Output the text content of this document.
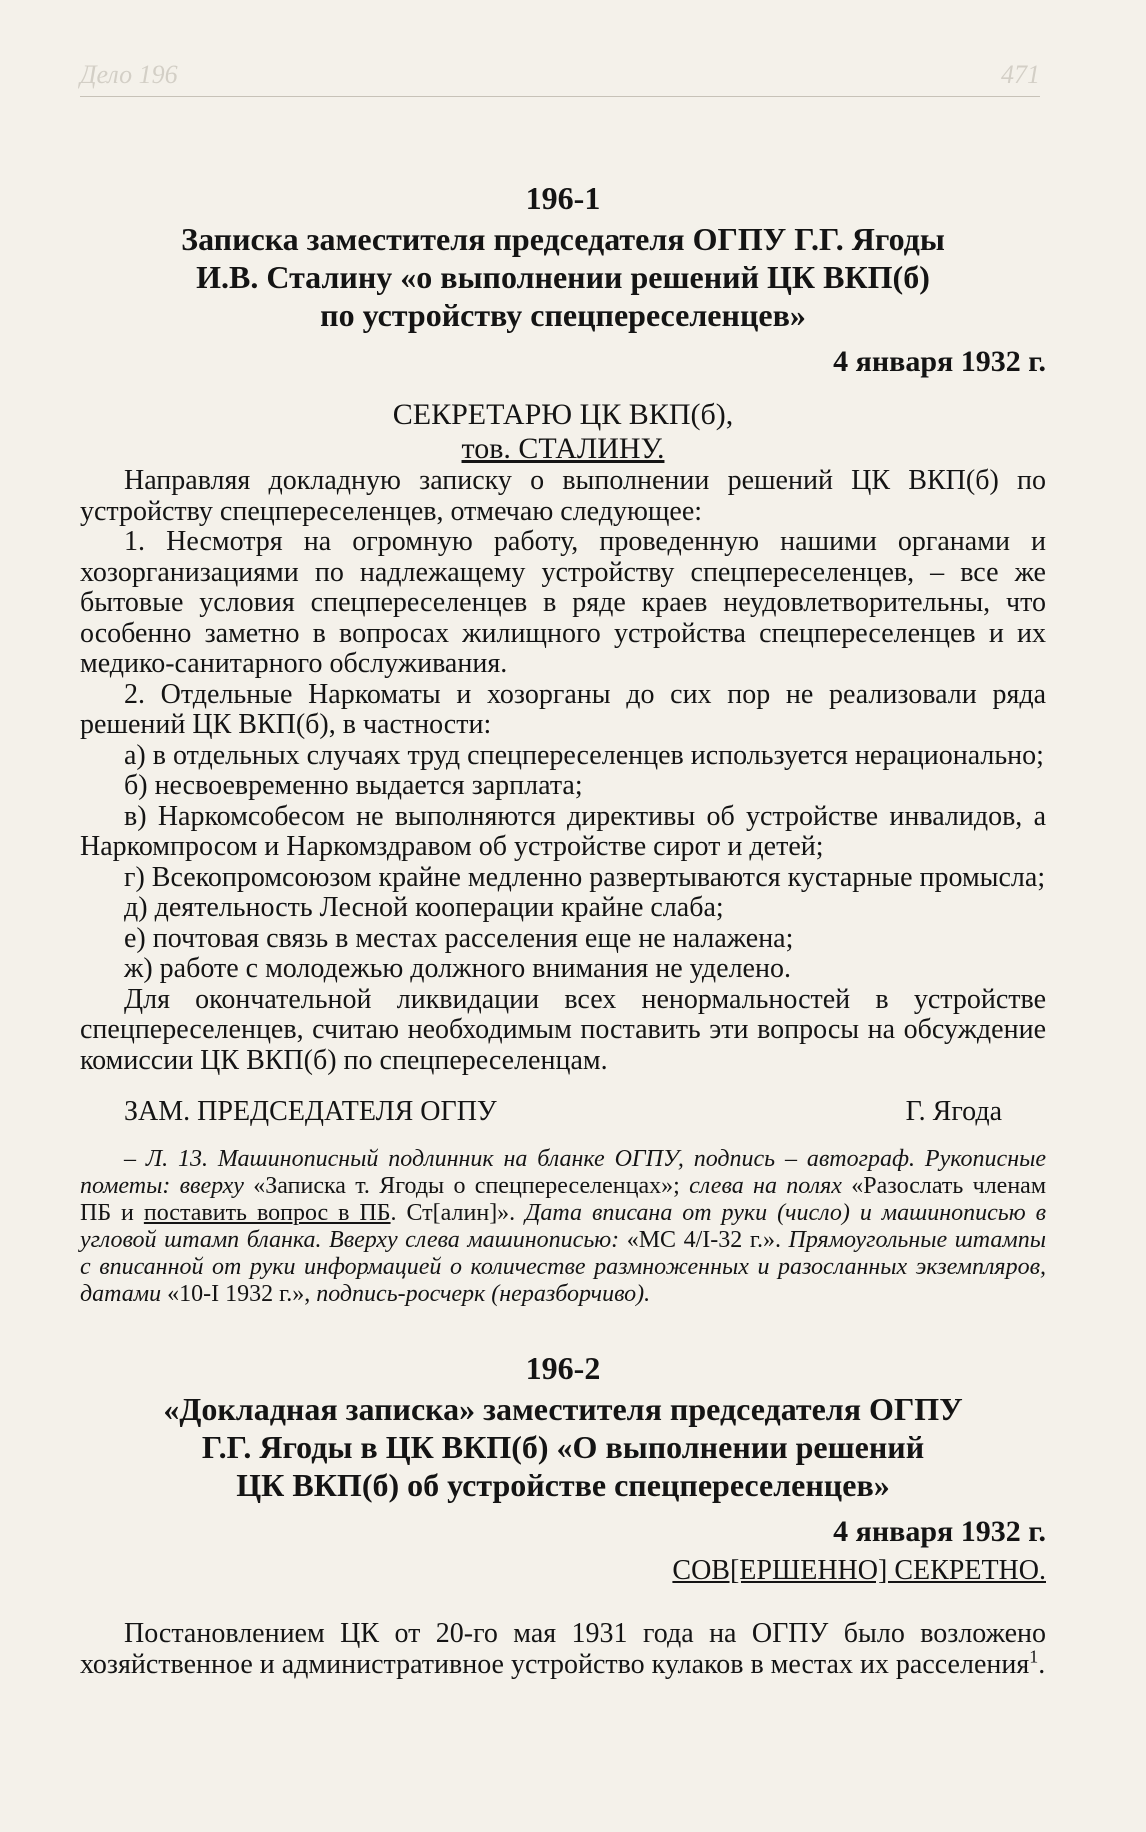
Дело 196	471
196-1
Записка заместителя председателя ОГПУ Г.Г. Ягоды
И.В. Сталину «о выполнении решений ЦК ВКП(б)
по устройству спецпереселенцев»
4 января 1932 г.
СЕКРЕТАРЮ ЦК ВКП(б),
тов. СТАЛИНУ.

Направляя докладную записку о выполнении решений ЦК ВКП(б) по устройству спецпереселенцев, отмечаю следующее:

1. Несмотря на огромную работу, проведенную нашими органами и хозорганизациями по надлежащему устройству спецпереселенцев, – все же бытовые условия спецпереселенцев в ряде краев неудовлетворительны, что особенно заметно в вопросах жилищного устройства спецпереселенцев и их медико-санитарного обслуживания.

2. Отдельные Наркоматы и хозорганы до сих пор не реализовали ряда решений ЦК ВКП(б), в частности:

а) в отдельных случаях труд спецпереселенцев используется нерационально;

б) несвоевременно выдается зарплата;

в) Наркомсобесом не выполняются директивы об устройстве инвалидов, а Наркомпросом и Наркомздравом об устройстве сирот и детей;

г) Всекопромсоюзом крайне медленно развертываются кустарные промысла;

д) деятельность Лесной кооперации крайне слаба;

е) почтовая связь в местах расселения еще не налажена;

ж) работе с молодежью должного внимания не уделено.

Для окончательной ликвидации всех ненормальностей в устройстве спецпереселенцев, считаю необходимым поставить эти вопросы на обсуждение комиссии ЦК ВКП(б) по спецпереселенцам.

ЗАМ. ПРЕДСЕДАТЕЛЯ ОГПУ	Г. Ягода

– Л. 13. Машинописный подлинник на бланке ОГПУ, подпись – автограф. Рукописные пометы: вверху «Записка т. Ягоды о спецпереселенцах»; слева на полях «Разослать членам ПБ и поставить вопрос в ПБ. Ст[алин]». Дата вписана от руки (число) и машинописью в угловой штамп бланка. Вверху слева машинописью: «МС 4/I-32 г.». Прямоугольные штампы с вписанной от руки информацией о количестве размноженных и разосланных экземпляров, датами «10-I 1932 г.», подпись-росчерк (неразборчиво).

196-2
«Докладная записка» заместителя председателя ОГПУ
Г.Г. Ягоды в ЦК ВКП(б) «О выполнении решений
ЦК ВКП(б) об устройстве спецпереселенцев»
4 января 1932 г.
СОВ[ЕРШЕННО] СЕКРЕТНО.

Постановлением ЦК от 20-го мая 1931 года на ОГПУ было возложено хозяйственное и административное устройство кулаков в местах их расселения$^1$.
